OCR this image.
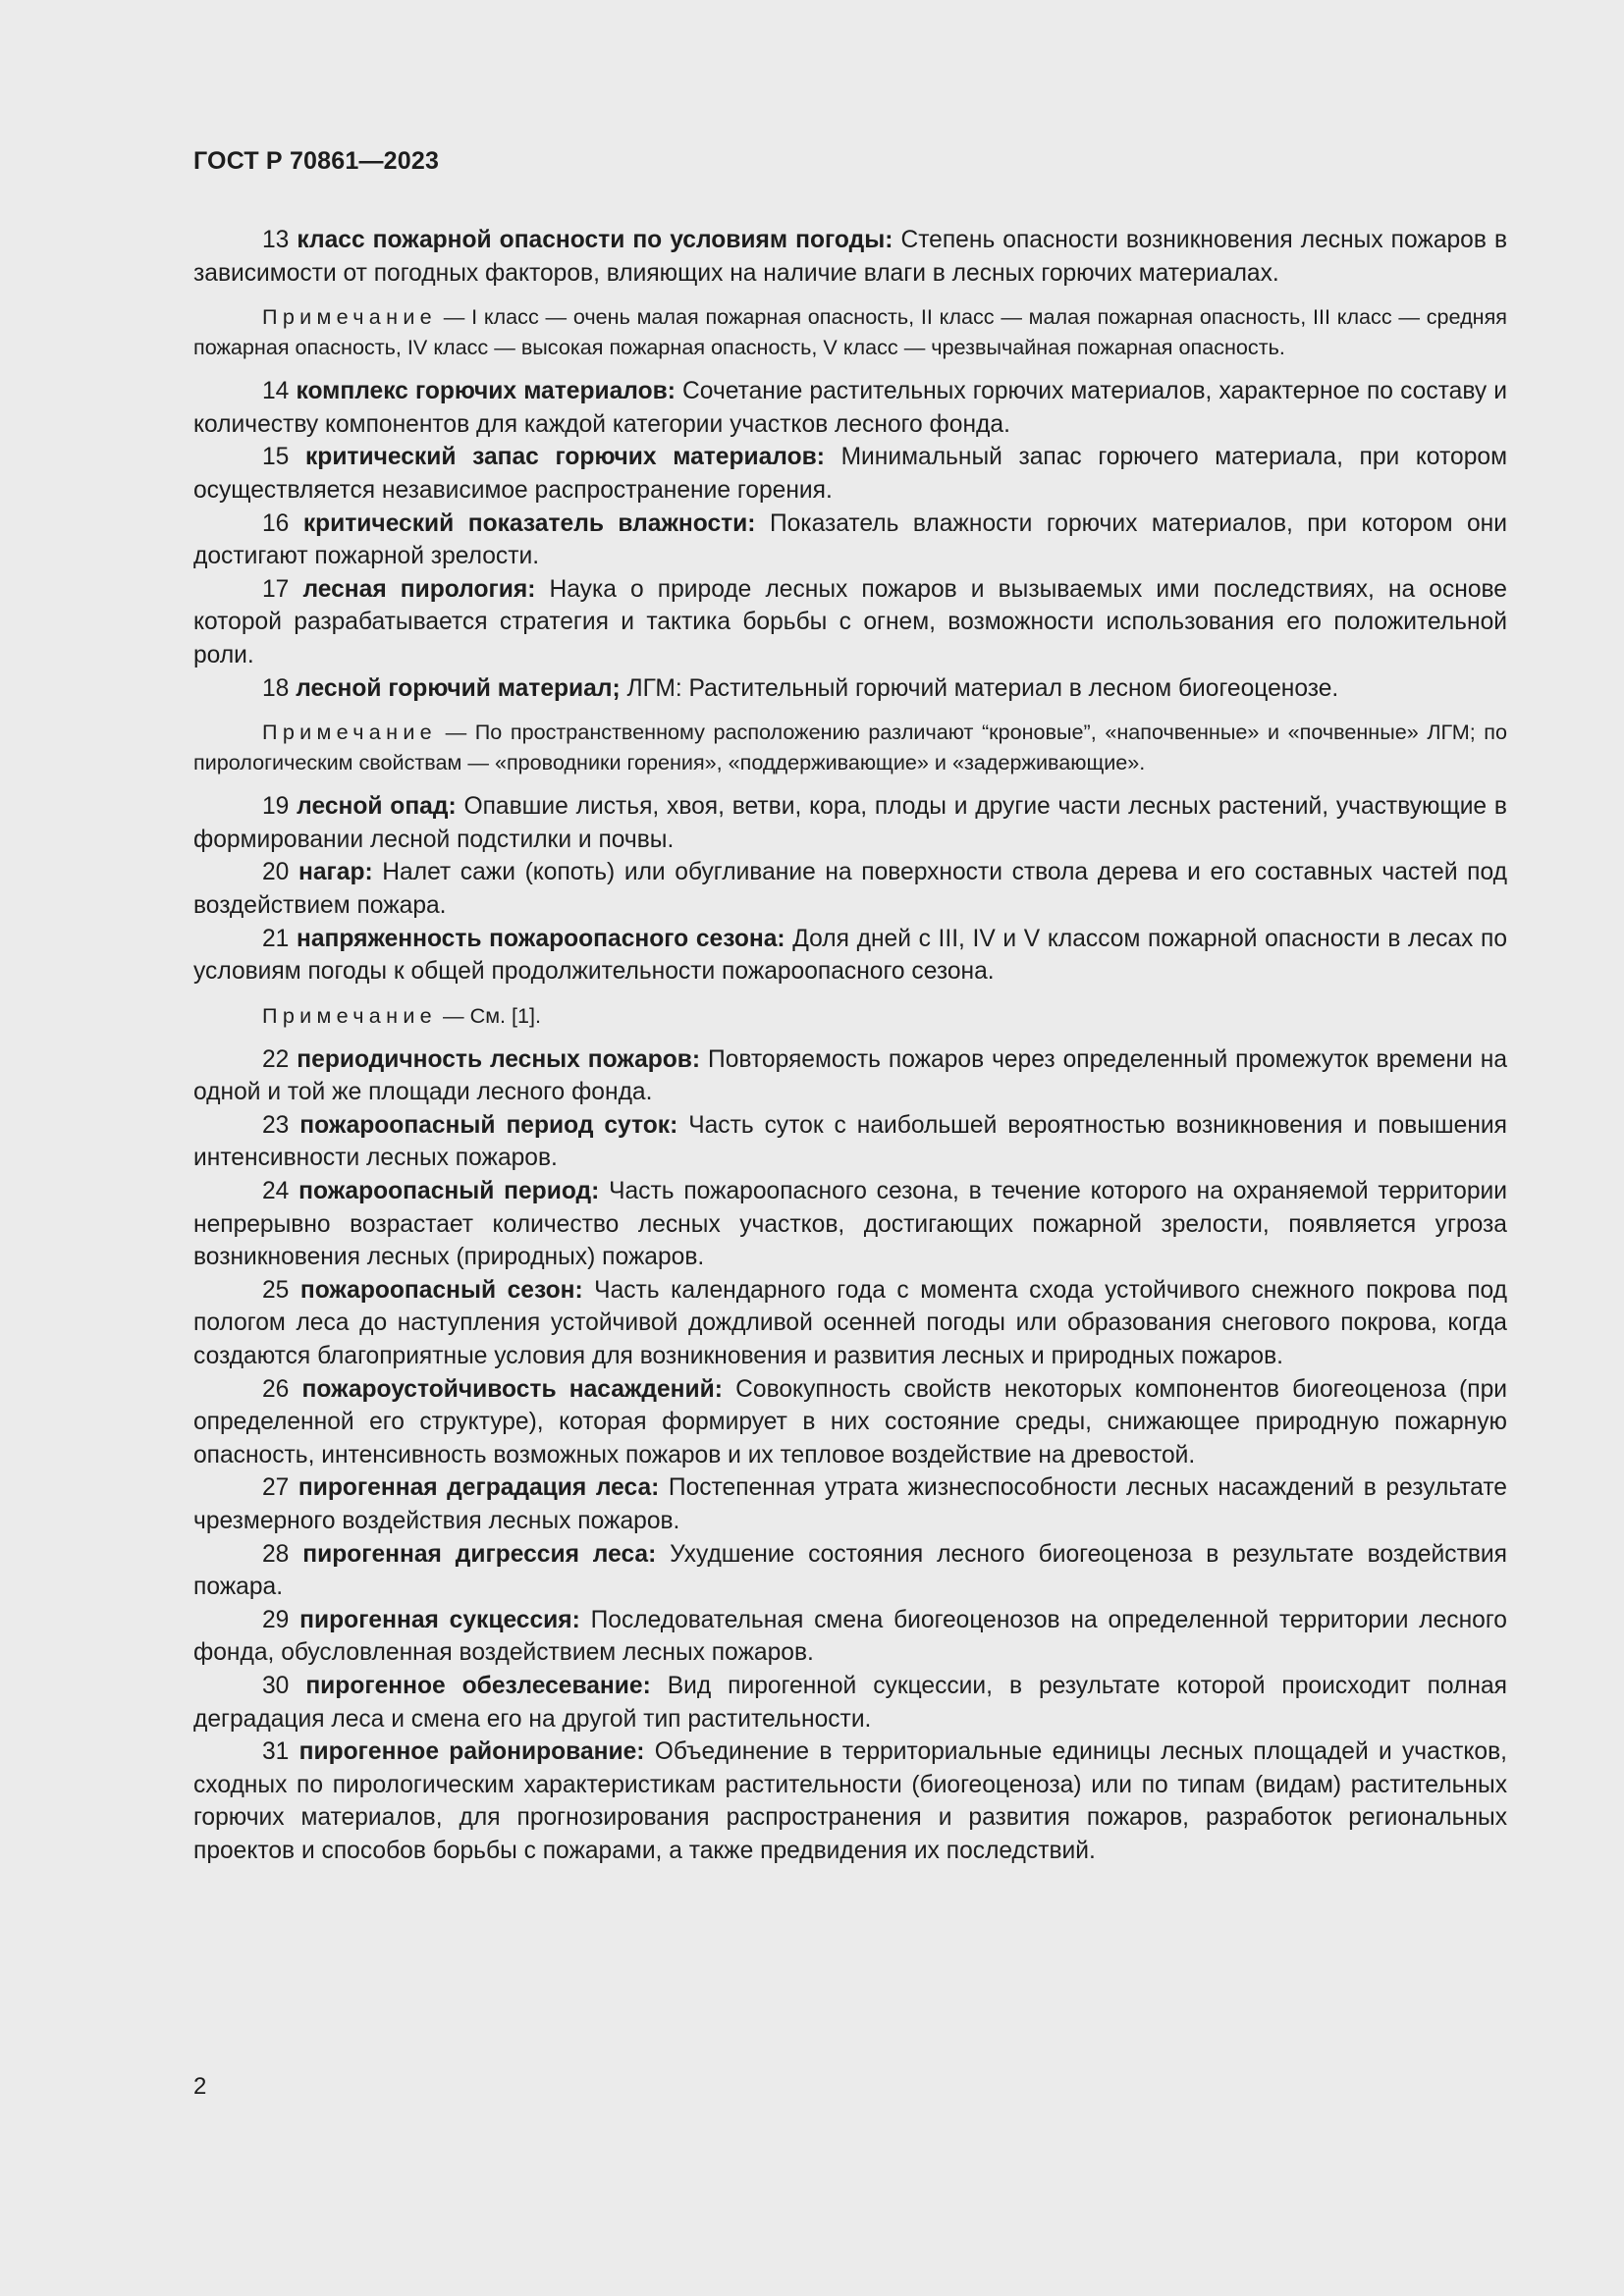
ГОСТ Р 70861—2023

13 класс пожарной опасности по условиям погоды: Степень опасности возникновения лесных пожаров в зависимости от погодных факторов, влияющих на наличие влаги в лесных горючих материалах.

Примечание — I класс — очень малая пожарная опасность, II класс — малая пожарная опасность, III класс — средняя пожарная опасность, IV класс — высокая пожарная опасность, V класс — чрезвычайная пожарная опасность.

14 комплекс горючих материалов: Сочетание растительных горючих материалов, характерное по составу и количеству компонентов для каждой категории участков лесного фонда.

15 критический запас горючих материалов: Минимальный запас горючего материала, при котором осуществляется независимое распространение горения.

16 критический показатель влажности: Показатель влажности горючих материалов, при котором они достигают пожарной зрелости.

17 лесная пирология: Наука о природе лесных пожаров и вызываемых ими последствиях, на основе которой разрабатывается стратегия и тактика борьбы с огнем, возможности использования его положительной роли.

18 лесной горючий материал; ЛГМ: Растительный горючий материал в лесном биогеоценозе.

Примечание — По пространственному расположению различают “кроновые”, «напочвенные» и «почвенные» ЛГМ; по пирологическим свойствам — «проводники горения», «поддерживающие» и «задерживающие».

19 лесной опад: Опавшие листья, хвоя, ветви, кора, плоды и другие части лесных растений, участвующие в формировании лесной подстилки и почвы.

20 нагар: Налет сажи (копоть) или обугливание на поверхности ствола дерева и его составных частей под воздействием пожара.

21 напряженность пожароопасного сезона: Доля дней с III, IV и V классом пожарной опасности в лесах по условиям погоды к общей продолжительности пожароопасного сезона.

Примечание — См. [1].

22 периодичность лесных пожаров: Повторяемость пожаров через определенный промежуток времени на одной и той же площади лесного фонда.

23 пожароопасный период суток: Часть суток с наибольшей вероятностью возникновения и повышения интенсивности лесных пожаров.

24 пожароопасный период: Часть пожароопасного сезона, в течение которого на охраняемой территории непрерывно возрастает количество лесных участков, достигающих пожарной зрелости, появляется угроза возникновения лесных (природных) пожаров.

25 пожароопасный сезон: Часть календарного года с момента схода устойчивого снежного покрова под пологом леса до наступления устойчивой дождливой осенней погоды или образования снегового покрова, когда создаются благоприятные условия для возникновения и развития лесных и природных пожаров.

26 пожароустойчивость насаждений: Совокупность свойств некоторых компонентов биогеоценоза (при определенной его структуре), которая формирует в них состояние среды, снижающее природную пожарную опасность, интенсивность возможных пожаров и их тепловое воздействие на древостой.

27 пирогенная деградация леса: Постепенная утрата жизнеспособности лесных насаждений в результате чрезмерного воздействия лесных пожаров.

28 пирогенная дигрессия леса: Ухудшение состояния лесного биогеоценоза в результате воздействия пожара.

29 пирогенная сукцессия: Последовательная смена биогеоценозов на определенной территории лесного фонда, обусловленная воздействием лесных пожаров.

30 пирогенное обезлесевание: Вид пирогенной сукцессии, в результате которой происходит полная деградация леса и смена его на другой тип растительности.

31 пирогенное районирование: Объединение в территориальные единицы лесных площадей и участков, сходных по пирологическим характеристикам растительности (биогеоценоза) или по типам (видам) растительных горючих материалов, для прогнозирования распространения и развития пожаров, разработок региональных проектов и способов борьбы с пожарами, а также предвидения их последствий.

2
